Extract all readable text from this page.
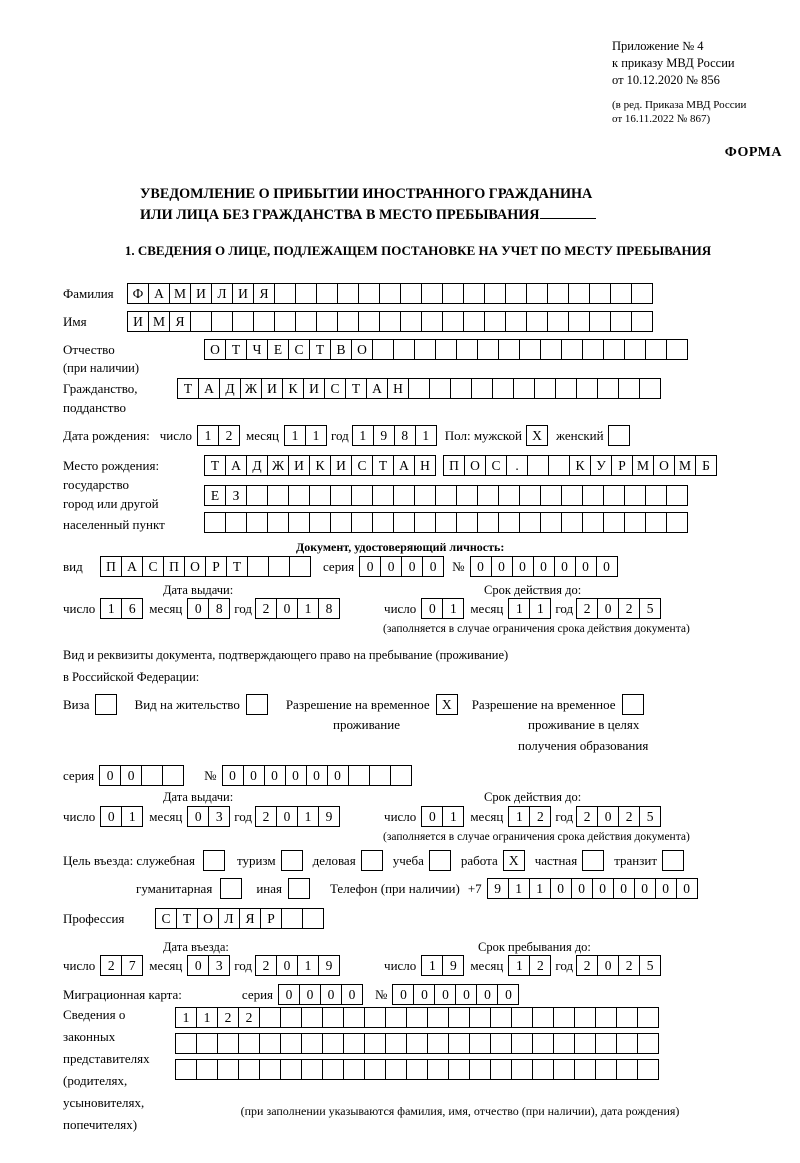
Приложение № 4
к приказу МВД России
от 10.12.2020 № 856
(в ред. Приказа МВД России
от 16.11.2022 № 867)
ФОРМА
УВЕДОМЛЕНИЕ О ПРИБЫТИИ ИНОСТРАННОГО ГРАЖДАНИНА
ИЛИ ЛИЦА БЕЗ ГРАЖДАНСТВА В МЕСТО ПРЕБЫВАНИЯ
1. СВЕДЕНИЯ О ЛИЦЕ, ПОДЛЕЖАЩЕМ ПОСТАНОВКЕ НА УЧЕТ ПО МЕСТУ ПРЕБЫВАНИЯ
Фамилия	Ф А М И Л И Я
Имя	И М Я
Отчество	О Т Ч Е С Т В О
(при наличии)
Гражданство,	Т А Д Ж И К И С Т А Н
подданство
Дата рождения: число 1	2	месяц 1	1 год 1	9	8	1	Пол: мужской Х	женский
Место рождения:	Т А Д Ж И К И С Т А Н	П О С	.	К У Р М О М Б
государство
Е З
город или другой
населенный пункт
Документ, удостоверяющий личность:
вид	П А С П О Р Т	серия 0	0	0	0	№ 0	0	0	0	0	0	0
Дата выдачи:	Срок действия до:
число 1	6	месяц 0	8 год 2	0	1	8	число 0	1	месяц 1	1 год 2	0	2	5
(заполняется в случае ограничения срока действия документа)
Вид и реквизиты документа, подтверждающего право на пребывание (проживание)
в Российской Федерации:
Виза	Вид на жительство	Разрешение на временное Х	Разрешение на временное
проживание	проживание в целях
получения образования
серия 0	0	№ 0	0	0	0	0	0
Дата выдачи:	Срок действия до:
число 0	1	месяц 0	3 год 2	0	1	9	число 0	1	месяц 1	2 год 2	0	2	5
(заполняется в случае ограничения срока действия документа)
Цель въезда: служебная	туризм	деловая	учеба	работа Х	частная	транзит
гуманитарная	иная	Телефон (при наличии) +7 9	1	1	0	0	0	0	0	0	0
Профессия	С Т О Л Я Р
Дата въезда:	Срок пребывания до:
число 2	7	месяц 0	3 год 2	0	1	9	число 1	9	месяц 1	2 год 2	0	2	5
Миграционная карта:	серия 0	0	0	0	№ 0	0	0	0	0	0
Сведения о
законных
представителях
(родителях,
усыновителях,
попечителях)
1	1	2	2
(при заполнении указываются фамилия, имя, отчество (при наличии), дата рождения)
